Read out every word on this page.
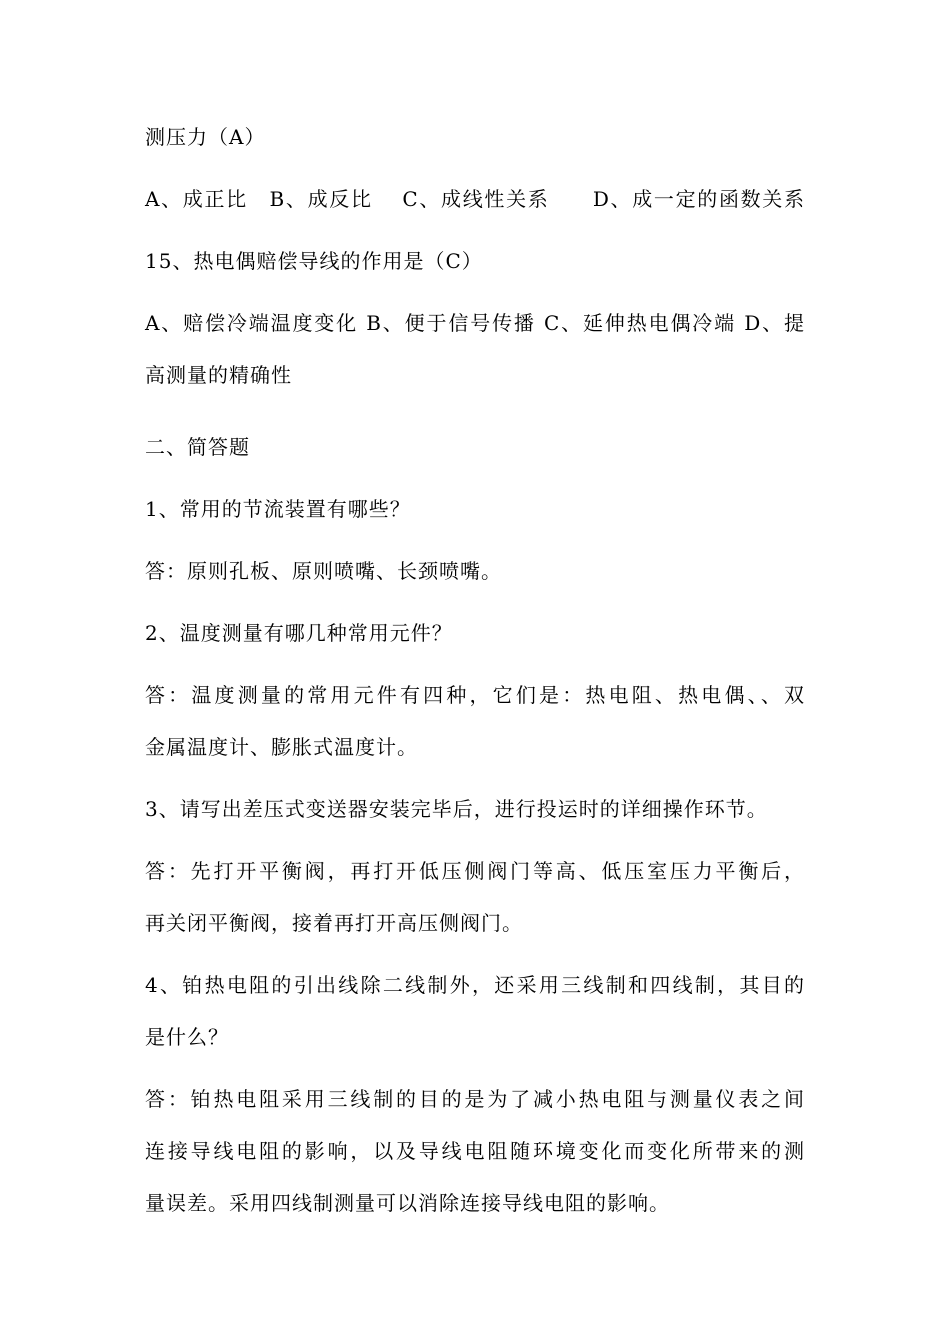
测压力（A）
A、成正比　B、成反比　 C、成线性关系　　D、成一定的函数关系
15、热电偶赔偿导线的作用是（C）
A、赔偿冷端温度变化 B、便于信号传播 C、延伸热电偶冷端 D、提
高测量的精确性
二、简答题
1、常用的节流装置有哪些？
答：原则孔板、原则喷嘴、长颈喷嘴。
2、温度测量有哪几种常用元件？
答：温度测量的常用元件有四种，它们是：热电阻、热电偶、、双
金属温度计、膨胀式温度计。
3、请写出差压式变送器安装完毕后，进行投运时的详细操作环节。
答：先打开平衡阀，再打开低压侧阀门等高、低压室压力平衡后，
再关闭平衡阀，接着再打开高压侧阀门。
4、铂热电阻的引出线除二线制外，还采用三线制和四线制，其目的
是什么？
答：铂热电阻采用三线制的目的是为了减小热电阻与测量仪表之间
连接导线电阻的影响，以及导线电阻随环境变化而变化所带来的测
量误差。采用四线制测量可以消除连接导线电阻的影响。
